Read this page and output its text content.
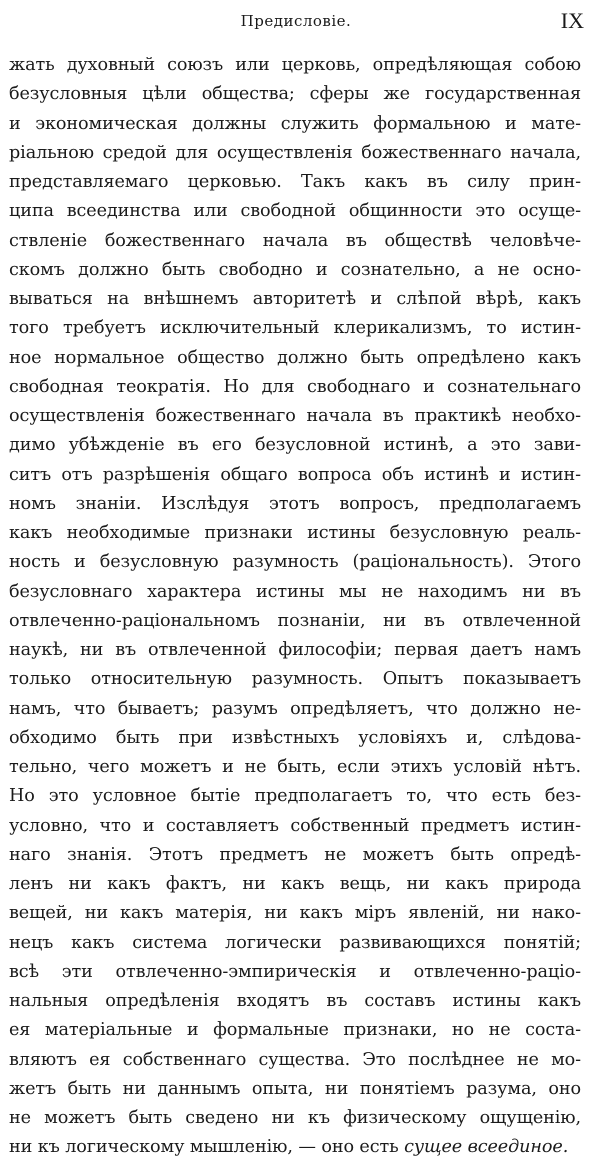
Предисловіе.	IX
жать духовный союзъ или церковь, опредѣляющая собою
безусловныя цѣли общества; сферы же государственная
и экономическая должны служить формальною и мате-
ріальною средой для осуществленія божественнаго начала,
представляемаго церковью. Такъ какъ въ силу прин-
ципа всеединства или свободной общинности это осуще-
ствленіе божественнаго начала въ обществѣ человѣче-
скомъ должно быть свободно и сознательно, а не осно-
вываться на внѣшнемъ авторитетѣ и слѣпой вѣрѣ, какъ
того требуетъ исключительный клерикализмъ, то истин-
ное нормальное общество должно быть опредѣлено какъ
свободная теократія. Но для свободнаго и сознательнаго
осуществленія божественнаго начала въ практикѣ необхо-
димо убѣжденіе въ его безусловной истинѣ, а это зави-
ситъ отъ разрѣшенія общаго вопроса объ истинѣ и истин-
номъ знаніи. Изслѣдуя этотъ вопросъ, предполагаемъ
какъ необходимые признаки истины безусловную реаль-
ность и безусловную разумность (раціональность). Этого
безусловнаго характера истины мы не находимъ ни въ
отвлеченно-раціональномъ познаніи, ни въ отвлеченной
наукѣ, ни въ отвлеченной философіи; первая даетъ намъ
только относительную разумность. Опытъ показываетъ
намъ, что бываетъ; разумъ опредѣляетъ, что должно не-
обходимо быть при извѣстныхъ условіяхъ и, слѣдова-
тельно, чего можетъ и не быть, если этихъ условій нѣтъ.
Но это условное бытіе предполагаетъ то, что есть без-
условно, что и составляетъ собственный предметъ истин-
наго знанія. Этотъ предметъ не можетъ быть опредѣ-
ленъ ни какъ фактъ, ни какъ вещь, ни какъ природа
вещей, ни какъ матерія, ни какъ міръ явленій, ни нако-
нецъ какъ система логически развивающихся понятій;
всѣ эти отвлеченно-эмпирическія и отвлеченно-раціо-
нальныя опредѣленія входятъ въ составъ истины какъ
ея матеріальные и формальные признаки, но не соста-
вляютъ ея собственнаго существа. Это послѣднее не мо-
жетъ быть ни даннымъ опыта, ни понятіемъ разума, оно
не можетъ быть сведено ни къ физическому ощущенію,
ни къ логическому мышленію, — оно есть сущее всеединое.
